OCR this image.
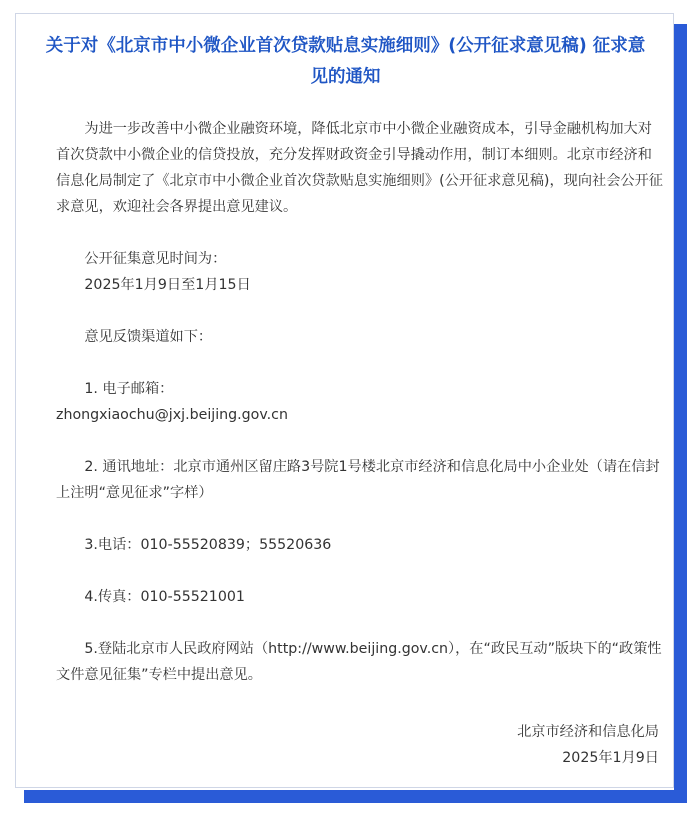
关于对《北京市中小微企业首次贷款贴息实施细则》(公开征求意见稿) 征求意见的通知

为进一步改善中小微企业融资环境，降低北京市中小微企业融资成本，引导金融机构加大对首次贷款中小微企业的信贷投放，充分发挥财政资金引导撬动作用，制订本细则。北京市经济和信息化局制定了《北京市中小微企业首次贷款贴息实施细则》(公开征求意见稿)，现向社会公开征求意见，欢迎社会各界提出意见建议。

公开征集意见时间为：

2025年1月9日至1月15日

意见反馈渠道如下：

1. 电子邮箱：

zhongxiaochu@jxj.beijing.gov.cn

2. 通讯地址：北京市通州区留庄路3号院1号楼北京市经济和信息化局中小企业处（请在信封上注明“意见征求”字样）

3.电话：010-55520839；55520636

4.传真：010-55521001

5.登陆北京市人民政府网站（http://www.beijing.gov.cn），在“政民互动”版块下的“政策性文件意见征集”专栏中提出意见。

北京市经济和信息化局
2025年1月9日
